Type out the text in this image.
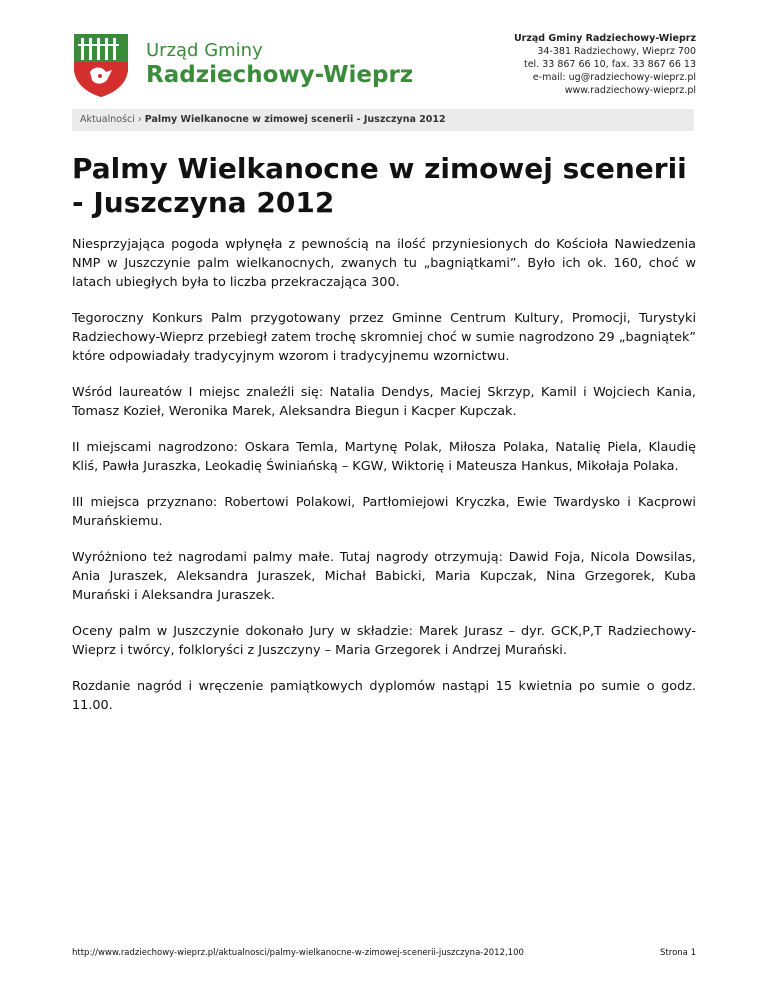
Urząd Gminy
Radziechowy-Wieprz
Urząd Gminy Radziechowy-Wieprz
34-381 Radziechowy, Wieprz 700
tel. 33 867 66 10, fax. 33 867 66 13
e-mail: ug@radziechowy-wieprz.pl
www.radziechowy-wieprz.pl
Aktualności › Palmy Wielkanocne w zimowej scenerii - Juszczyna 2012
Palmy Wielkanocne w zimowej scenerii - Juszczyna 2012

Niesprzyjająca pogoda wpłynęła z pewnością na ilość przyniesionych do Kościoła Nawiedzenia NMP w Juszczynie palm wielkanocnych, zwanych tu „bagniątkami”. Było ich ok. 160, choć w latach ubiegłych była to liczba przekraczająca 300.

Tegoroczny Konkurs Palm przygotowany przez Gminne Centrum Kultury, Promocji, Turystyki Radziechowy-Wieprz przebiegł zatem trochę skromniej choć w sumie nagrodzono 29 „bagniątek” które odpowiadały tradycyjnym wzorom i tradycyjnemu wzornictwu.

Wśród laureatów I miejsc znaleźli się: Natalia Dendys, Maciej Skrzyp, Kamil i Wojciech Kania, Tomasz Kozieł, Weronika Marek, Aleksandra Biegun i Kacper Kupczak.

II miejscami nagrodzono: Oskara Temla, Martynę Polak, Miłosza Polaka, Natalię Piela, Klaudię Kliś, Pawła Juraszka, Leokadię Świniańską – KGW, Wiktorię i Mateusza Hankus, Mikołaja Polaka.

III miejsca przyznano: Robertowi Polakowi, Partłomiejowi Kryczka, Ewie Twardysko i Kacprowi Murańskiemu.

Wyróżniono też nagrodami palmy małe. Tutaj nagrody otrzymują: Dawid Foja, Nicola Dowsilas, Ania Juraszek, Aleksandra Juraszek, Michał Babicki, Maria Kupczak, Nina Grzegorek, Kuba Murański i Aleksandra Juraszek.

Oceny palm w Juszczynie dokonało Jury w składzie: Marek Jurasz – dyr. GCK,P,T Radziechowy-Wieprz i twórcy, folkloryści z Juszczyny – Maria Grzegorek i Andrzej Murański.

Rozdanie nagród i wręczenie pamiątkowych dyplomów nastąpi 15 kwietnia po sumie o godz. 11.00.

http://www.radziechowy-wieprz.pl/aktualnosci/palmy-wielkanocne-w-zimowej-scenerii-juszczyna-2012,100	Strona 1
